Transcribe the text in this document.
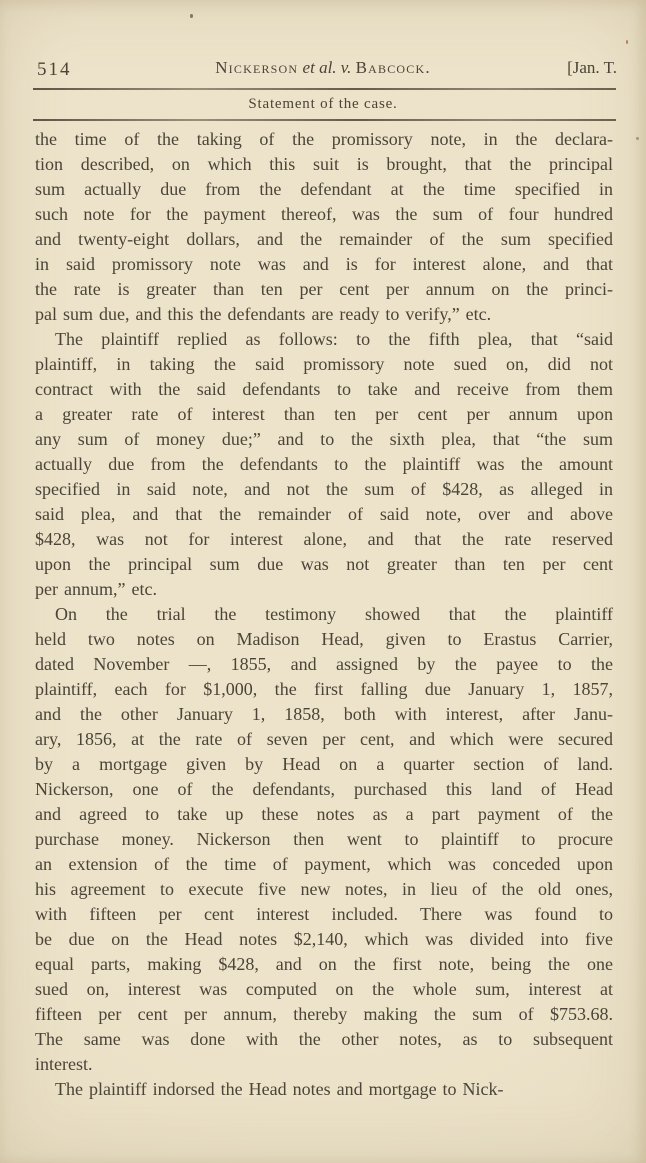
514	Nickerson et al. v. Babcock.	[Jan. T.
Statement of the case.
the time of the taking of the promissory note, in the declara-
tion described, on which this suit is brought, that the principal
sum actually due from the defendant at the time specified in
such note for the payment thereof, was the sum of four hundred
and twenty-eight dollars, and the remainder of the sum specified
in said promissory note was and is for interest alone, and that
the rate is greater than ten per cent per annum on the princi-
pal sum due, and this the defendants are ready to verify,” etc.
The plaintiff replied as follows: to the fifth plea, that “said
plaintiff, in taking the said promissory note sued on, did not
contract with the said defendants to take and receive from them
a greater rate of interest than ten per cent per annum upon
any sum of money due;” and to the sixth plea, that “the sum
actually due from the defendants to the plaintiff was the amount
specified in said note, and not the sum of $428, as alleged in
said plea, and that the remainder of said note, over and above
$428, was not for interest alone, and that the rate reserved
upon the principal sum due was not greater than ten per cent
per annum,” etc.
On the trial the testimony showed that the plaintiff
held two notes on Madison Head, given to Erastus Carrier,
dated November —, 1855, and assigned by the payee to the
plaintiff, each for $1,000, the first falling due January 1, 1857,
and the other January 1, 1858, both with interest, after Janu-
ary, 1856, at the rate of seven per cent, and which were secured
by a mortgage given by Head on a quarter section of land.
Nickerson, one of the defendants, purchased this land of Head
and agreed to take up these notes as a part payment of the
purchase money. Nickerson then went to plaintiff to procure
an extension of the time of payment, which was conceded upon
his agreement to execute five new notes, in lieu of the old ones,
with fifteen per cent interest included. There was found to
be due on the Head notes $2,140, which was divided into five
equal parts, making $428, and on the first note, being the one
sued on, interest was computed on the whole sum, interest at
fifteen per cent per annum, thereby making the sum of $753.68.
The same was done with the other notes, as to subsequent
interest.
The plaintiff indorsed the Head notes and mortgage to Nick-
